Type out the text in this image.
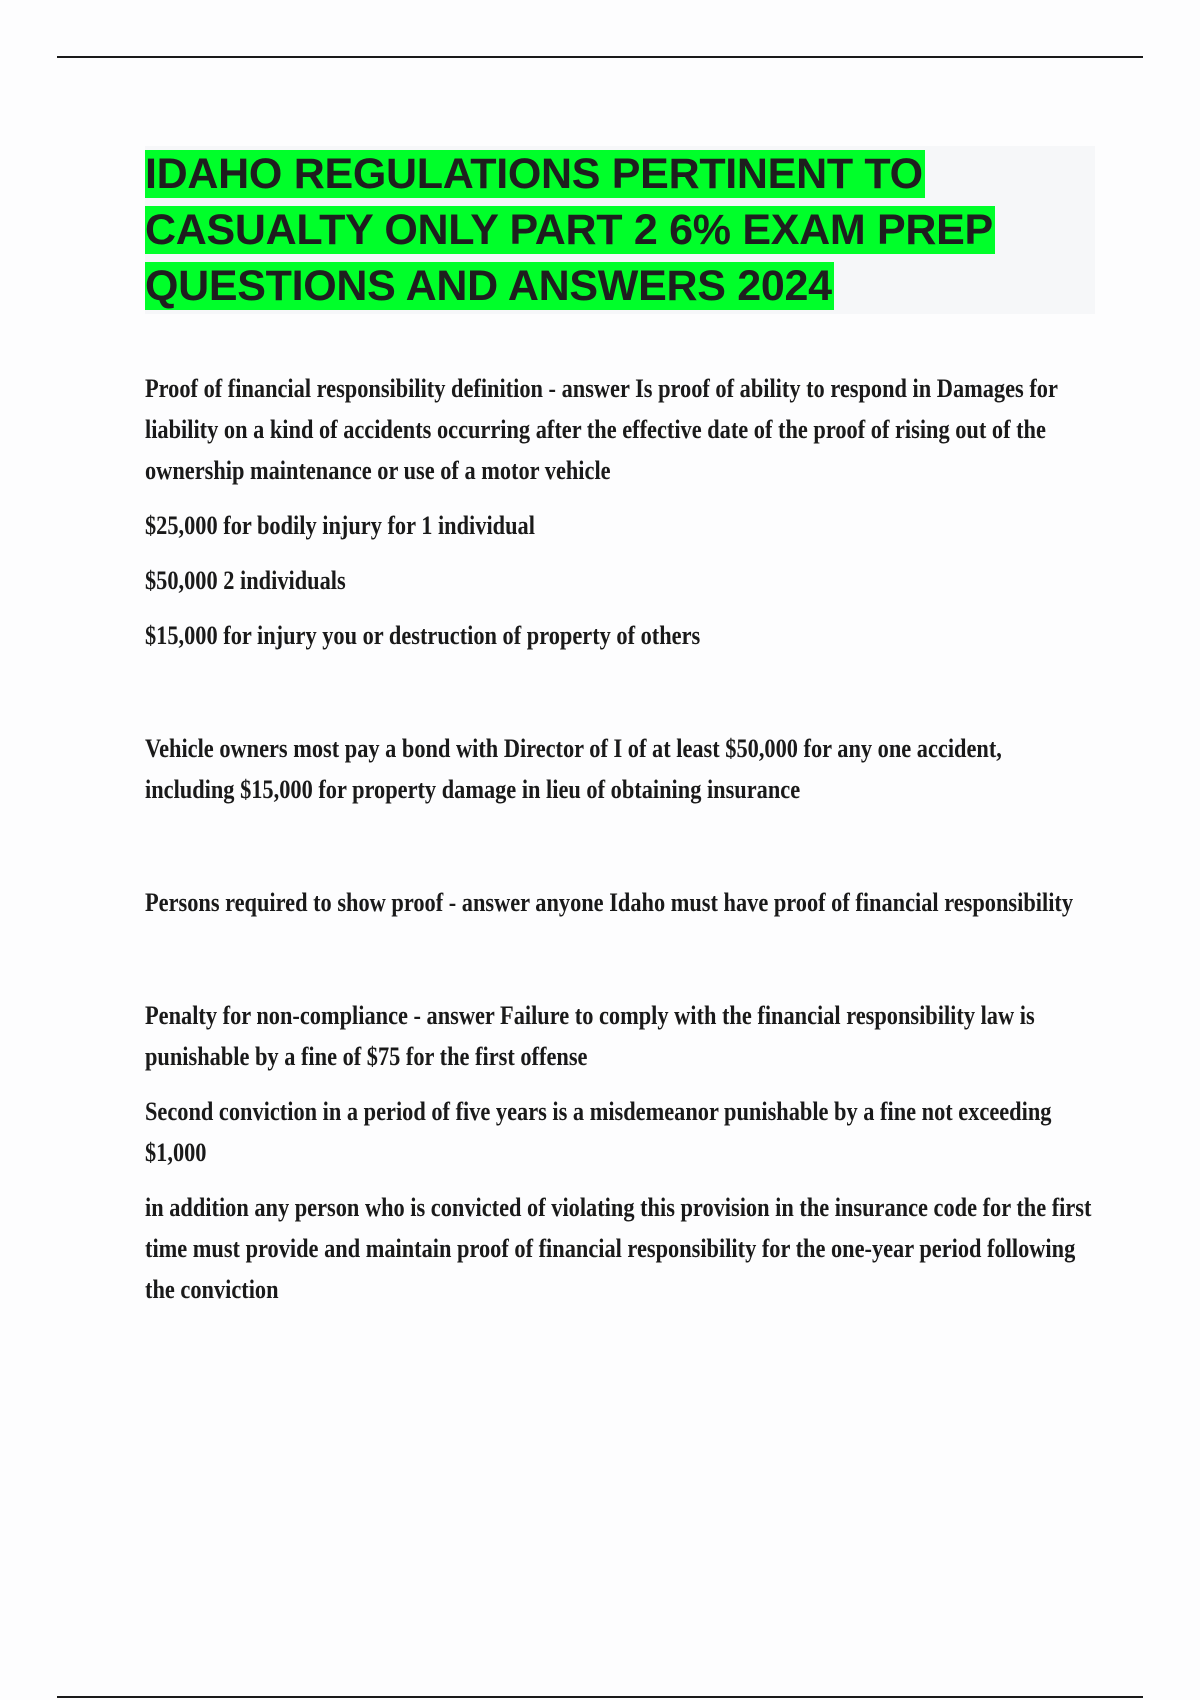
IDAHO REGULATIONS PERTINENT TO CASUALTY ONLY PART 2 6% EXAM PREP QUESTIONS AND ANSWERS 2024

Proof of financial responsibility definition - answer Is proof of ability to respond in Damages for liability on a kind of accidents occurring after the effective date of the proof of rising out of the ownership maintenance or use of a motor vehicle

$25,000 for bodily injury for 1 individual

$50,000 2 individuals

$15,000 for injury you or destruction of property of others

Vehicle owners most pay a bond with Director of I of at least $50,000 for any one accident, including $15,000 for property damage in lieu of obtaining insurance

Persons required to show proof - answer anyone Idaho must have proof of financial responsibility

Penalty for non-compliance - answer Failure to comply with the financial responsibility law is punishable by a fine of $75 for the first offense

Second conviction in a period of five years is a misdemeanor punishable by a fine not exceeding $1,000

in addition any person who is convicted of violating this provision in the insurance code for the first time must provide and maintain proof of financial responsibility for the one-year period following the conviction
